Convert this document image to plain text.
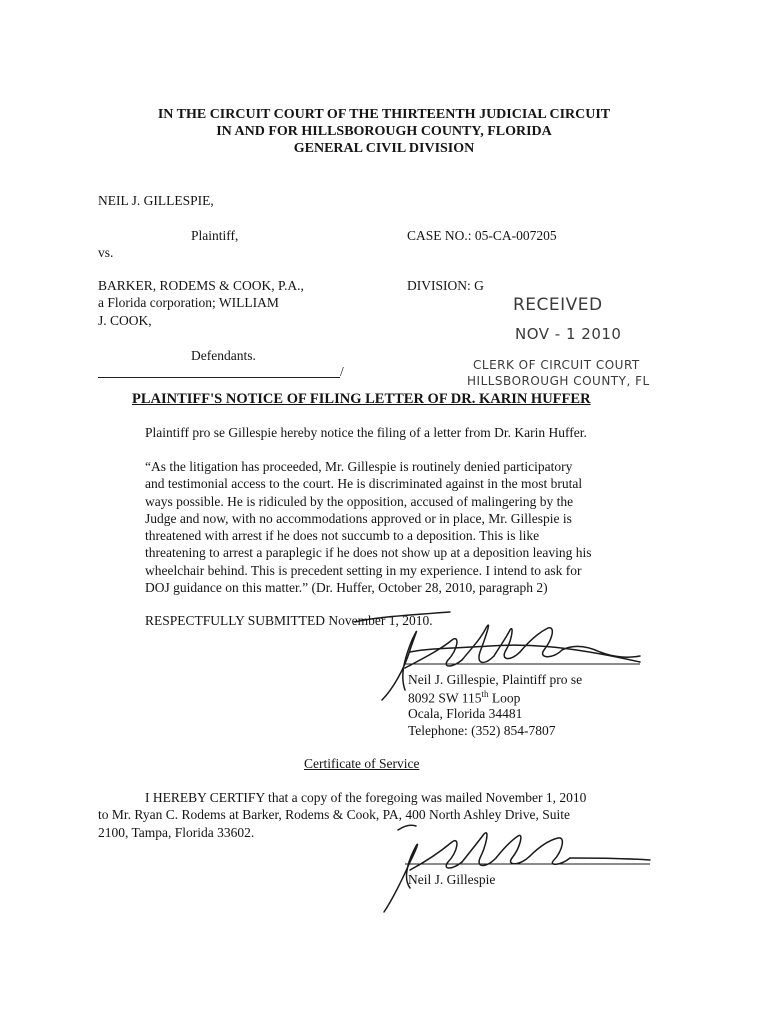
IN THE CIRCUIT COURT OF THE THIRTEENTH JUDICIAL CIRCUIT
IN AND FOR HILLSBOROUGH COUNTY, FLORIDA
GENERAL CIVIL DIVISION
NEIL J. GILLESPIE,
Plaintiff,	CASE NO.: 05-CA-007205
vs.
BARKER, RODEMS & COOK, P.A.,
a Florida corporation; WILLIAM
J. COOK,
DIVISION: G
Defendants.
/
RECEIVED
NOV - 1 2010
CLERK OF CIRCUIT COURT
HILLSBOROUGH COUNTY, FL
PLAINTIFF'S NOTICE OF FILING LETTER OF DR. KARIN HUFFER
Plaintiff pro se Gillespie hereby notice the filing of a letter from Dr. Karin Huffer.
“As the litigation has proceeded, Mr. Gillespie is routinely denied participatory
and testimonial access to the court. He is discriminated against in the most brutal
ways possible. He is ridiculed by the opposition, accused of malingering by the
Judge and now, with no accommodations approved or in place, Mr. Gillespie is
threatened with arrest if he does not succumb to a deposition. This is like
threatening to arrest a paraplegic if he does not show up at a deposition leaving his
wheelchair behind. This is precedent setting in my experience. I intend to ask for
DOJ guidance on this matter.” (Dr. Huffer, October 28, 2010, paragraph 2)
RESPECTFULLY SUBMITTED November 1, 2010.
Neil J. Gillespie, Plaintiff pro se
8092 SW 115th Loop
Ocala, Florida 34481
Telephone: (352) 854-7807
Certificate of Service
I HEREBY CERTIFY that a copy of the foregoing was mailed November 1, 2010
to Mr. Ryan C. Rodems at Barker, Rodems & Cook, PA, 400 North Ashley Drive, Suite
2100, Tampa, Florida 33602.
Neil J. Gillespie
